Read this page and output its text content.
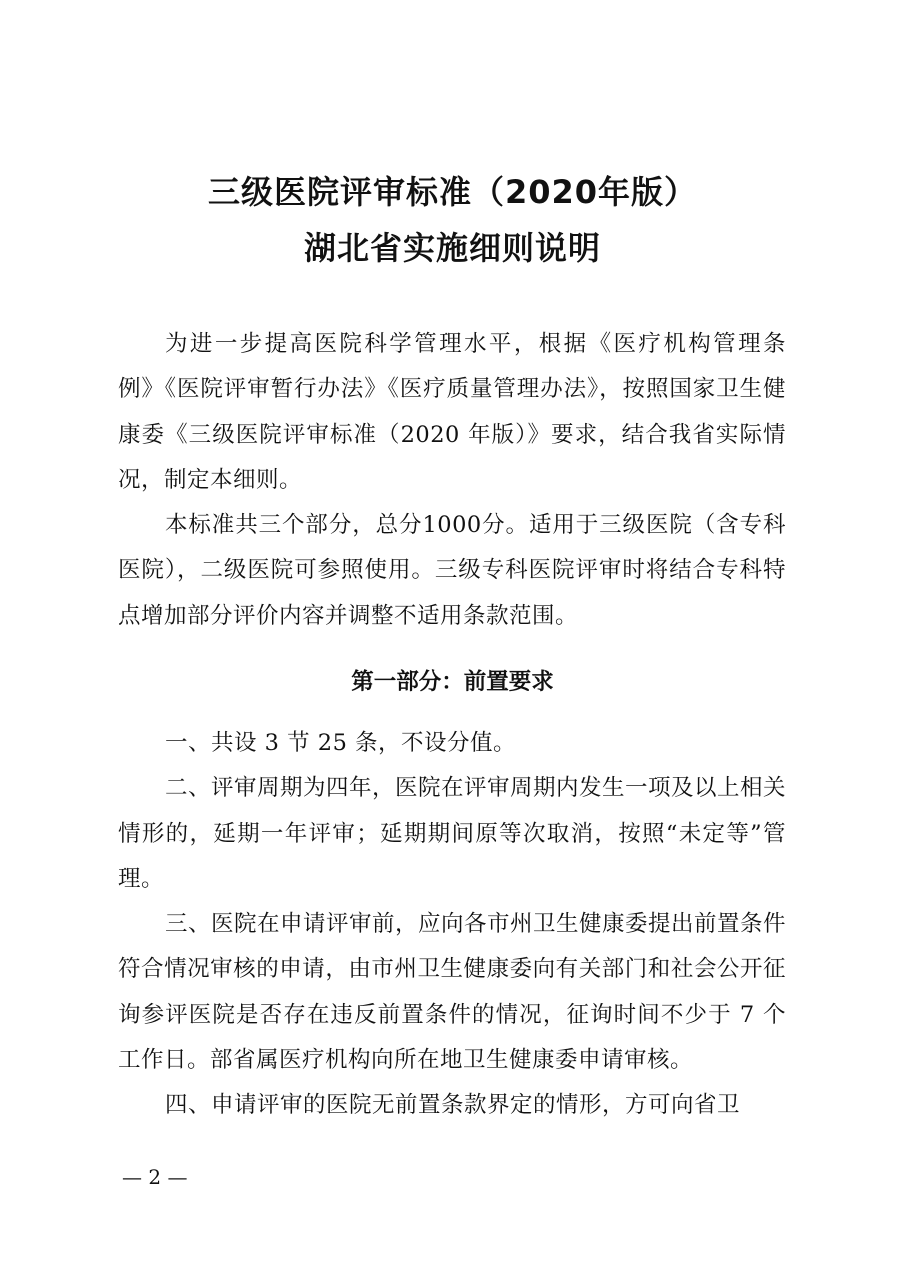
三级医院评审标准（2020年版）
湖北省实施细则说明

为进一步提高医院科学管理水平，根据《医疗机构管理条例》《医院评审暂行办法》《医疗质量管理办法》，按照国家卫生健康委《三级医院评审标准（2020 年版）》要求，结合我省实际情况，制定本细则。

本标准共三个部分，总分1000分。适用于三级医院（含专科医院），二级医院可参照使用。三级专科医院评审时将结合专科特点增加部分评价内容并调整不适用条款范围。

第一部分：前置要求

一、共设 3 节 25 条，不设分值。

二、评审周期为四年，医院在评审周期内发生一项及以上相关情形的，延期一年评审；延期期间原等次取消，按照“未定等”管理。

三、医院在申请评审前，应向各市州卫生健康委提出前置条件符合情况审核的申请，由市州卫生健康委向有关部门和社会公开征询参评医院是否存在违反前置条件的情况，征询时间不少于 7 个工作日。部省属医疗机构向所在地卫生健康委申请审核。

四、申请评审的医院无前置条款界定的情形，方可向省卫

— 2 —
